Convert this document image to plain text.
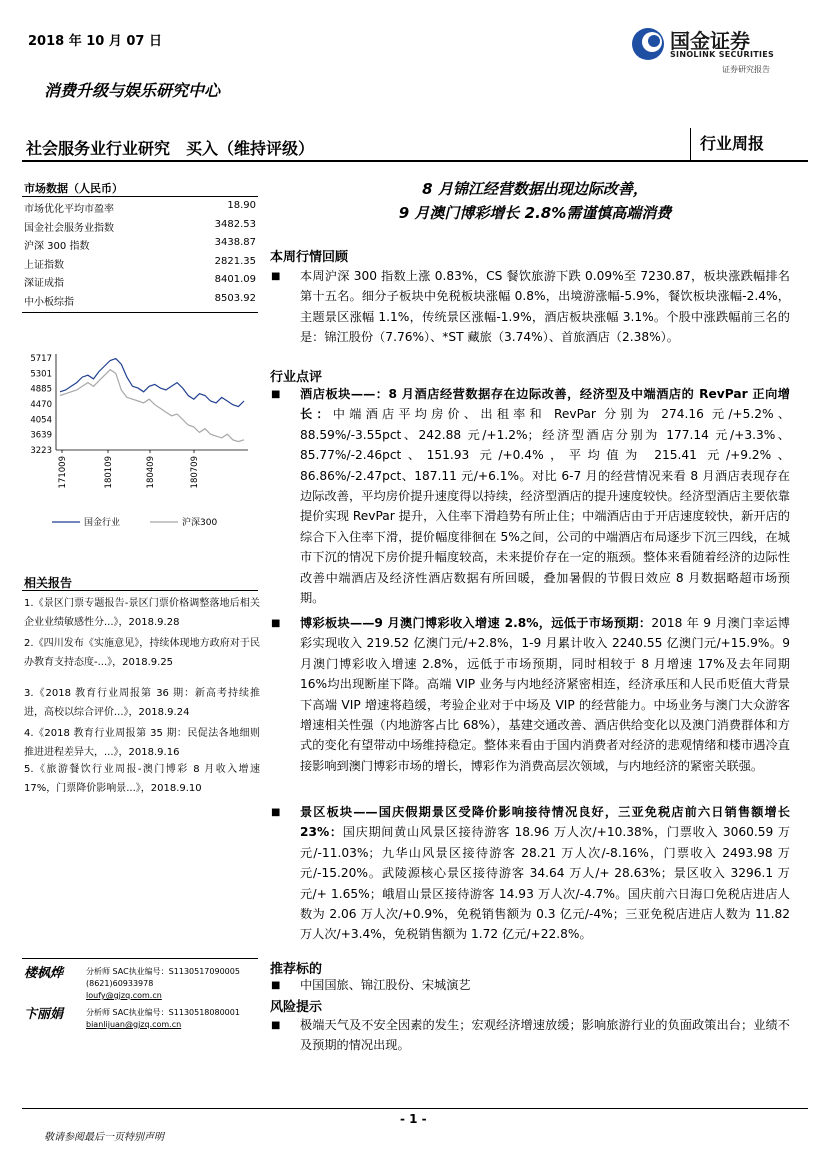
2018 年 10 月 07 日
消费升级与娱乐研究中心
国金证券
SINOLINK SECURITIES
证券研究报告
社会服务业行业研究　买入（维持评级）	行业周报
市场数据（人民币）
市场优化平均市盈率	18.90
国金社会服务业指数	3482.53
沪深 300 指数	3438.87
上证指数	2821.35
深证成指	8401.09
中小板综指	8503.92
5717
5301
4885
4470
4054
3639
3223
171009	180109	180409	180709
国金行业	沪深300
相关报告
1.《景区门票专题报告-景区门票价格调整落地后相关企业业绩敏感性分...》，2018.9.28
2.《四川发布《实施意见》，持续体现地方政府对于民办教育支持态度-...》，2018.9.25
3.《2018 教育行业周报第 36 期：新高考持续推进，高校以综合评价...》，2018.9.24
4.《2018 教育行业周报第 35 期：民促法各地细则推进进程差异大，...》，2018.9.16
5.《旅游餐饮行业周报-澳门博彩 8 月收入增速 17%，门票降价影响景...》，2018.9.10
楼枫烨	分析师 SAC执业编号：S1130517090005
(8621)60933978
loufy@gjzq.com.cn
卞丽娟	分析师 SAC执业编号：S1130518080001
bianlijuan@gjzq.com.cn
8 月锦江经营数据出现边际改善，
9 月澳门博彩增长 2.8%需谨慎高端消费
本周行情回顾
■ 本周沪深 300 指数上涨 0.83%，CS 餐饮旅游下跌 0.09%至 7230.87，板块涨跌幅排名第十五名。细分子板块中免税板块涨幅 0.8%，出境游涨幅-5.9%，餐饮板块涨幅-2.4%，主题景区涨幅 1.1%，传统景区涨幅-1.9%，酒店板块涨幅 3.1%。个股中涨跌幅前三名的是：锦江股份（7.76%）、*ST 藏旅（3.74%）、首旅酒店（2.38%）。
行业点评
■ 酒店板块——：8 月酒店经营数据存在边际改善，经济型及中端酒店的 RevPar 正向增长：中端酒店平均房价、出租率和 RevPar 分别为 274.16 元/+5.2%、88.59%/-3.55pct、242.88 元/+1.2%；经济型酒店分别为 177.14 元/+3.3%、85.77%/-2.46pct、151.93 元/+0.4%，平均值为 215.41 元/+9.2%、86.86%/-2.47pct、187.11 元/+6.1%。对比 6-7 月的经营情况来看 8 月酒店表现存在边际改善，平均房价提升速度得以持续，经济型酒店的提升速度较快。经济型酒店主要依靠提价实现 RevPar 提升，入住率下滑趋势有所止住；中端酒店由于开店速度较快，新开店的综合下入住率下滑，提价幅度徘徊在 5%之间，公司的中端酒店布局逐步下沉三四线，在城市下沉的情况下房价提升幅度较高，未来提价存在一定的瓶颈。整体来看随着经济的边际性改善中端酒店及经济性酒店数据有所回暖，叠加暑假的节假日效应 8 月数据略超市场预期。
■ 博彩板块——9 月澳门博彩收入增速 2.8%，远低于市场预期：2018 年 9 月澳门幸运博彩实现收入 219.52 亿澳门元/+2.8%，1-9 月累计收入 2240.55 亿澳门元/+15.9%。9 月澳门博彩收入增速 2.8%，远低于市场预期，同时相较于 8 月增速 17%及去年同期 16%均出现断崖下降。高端 VIP 业务与内地经济紧密相连，经济承压和人民币贬值大背景下高端 VIP 增速将趋缓，考验企业对于中场及 VIP 的经营能力。中场业务与澳门大众游客增速相关性强（内地游客占比 68%），基建交通改善、酒店供给变化以及澳门消费群体和方式的变化有望带动中场维持稳定。整体来看由于国内消费者对经济的悲观情绪和楼市遇冷直接影响到澳门博彩市场的增长，博彩作为消费高层次领域，与内地经济的紧密关联强。
■ 景区板块——国庆假期景区受降价影响接待情况良好，三亚免税店前六日销售额增长 23%：国庆期间黄山风景区接待游客 18.96 万人次/+10.38%，门票收入 3060.59 万元/-11.03%；九华山风景区接待游客 28.21 万人次/-8.16%，门票收入 2493.98 万元/-15.20%。武陵源核心景区接待游客 34.64 万人/+ 28.63%；景区收入 3296.1 万元/+ 1.65%；峨眉山景区接待游客 14.93 万人次/-4.7%。国庆前六日海口免税店进店人数为 2.06 万人次/+0.9%，免税销售额为 0.3 亿元/-4%；三亚免税店进店人数为 11.82 万人次/+3.4%，免税销售额为 1.72 亿元/+22.8%。
推荐标的
■ 中国国旅、锦江股份、宋城演艺
风险提示
■ 极端天气及不安全因素的发生；宏观经济增速放缓；影响旅游行业的负面政策出台；业绩不及预期的情况出现。
- 1 -
敬请参阅最后一页特别声明
